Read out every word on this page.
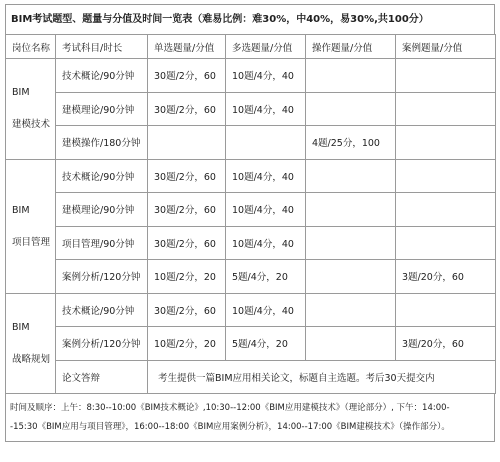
BIM考试题型、题量与分值及时间一览表（难易比例：难30%，中40%，易30%,共100分）
岗位名称	考试科目/时长	单选题量/分值	多选题量/分值	操作题量/分值	案例题量/分值

BIM
建模技术	技术概论/90分钟	30题/2分，60	10题/4分，40		
	建模理论/90分钟	30题/2分，60	10题/4分，40		
	建模操作/180分钟			4题/25分，100	

BIM
项目管理	技术概论/90分钟	30题/2分，60	10题/4分，40		
	建模理论/90分钟	30题/2分，60	10题/4分，40		
	项目管理/90分钟	30题/2分，60	10题/4分，40		
	案例分析/120分钟	10题/2分，20	5题/4分，20		3题/20分，60

BIM
战略规划	技术概论/90分钟	30题/2分，60	10题/4分，40		
	案例分析/120分钟	10题/2分，20	5题/4分，20		3题/20分，60
	论文答辩	考生提供一篇BIM应用相关论文，标题自主选题。考后30天提交内			
时间及顺序：上午：8:30--10:00《BIM技术概论》,10:30--12:00《BIM应用建模技术》（理论部分）, 下午：14:00-
-15:30《BIM应用与项目管理》，16:00--18:00《BIM应用案例分析》，14:00--17:00《BIM建模技术》（操作部分）。
